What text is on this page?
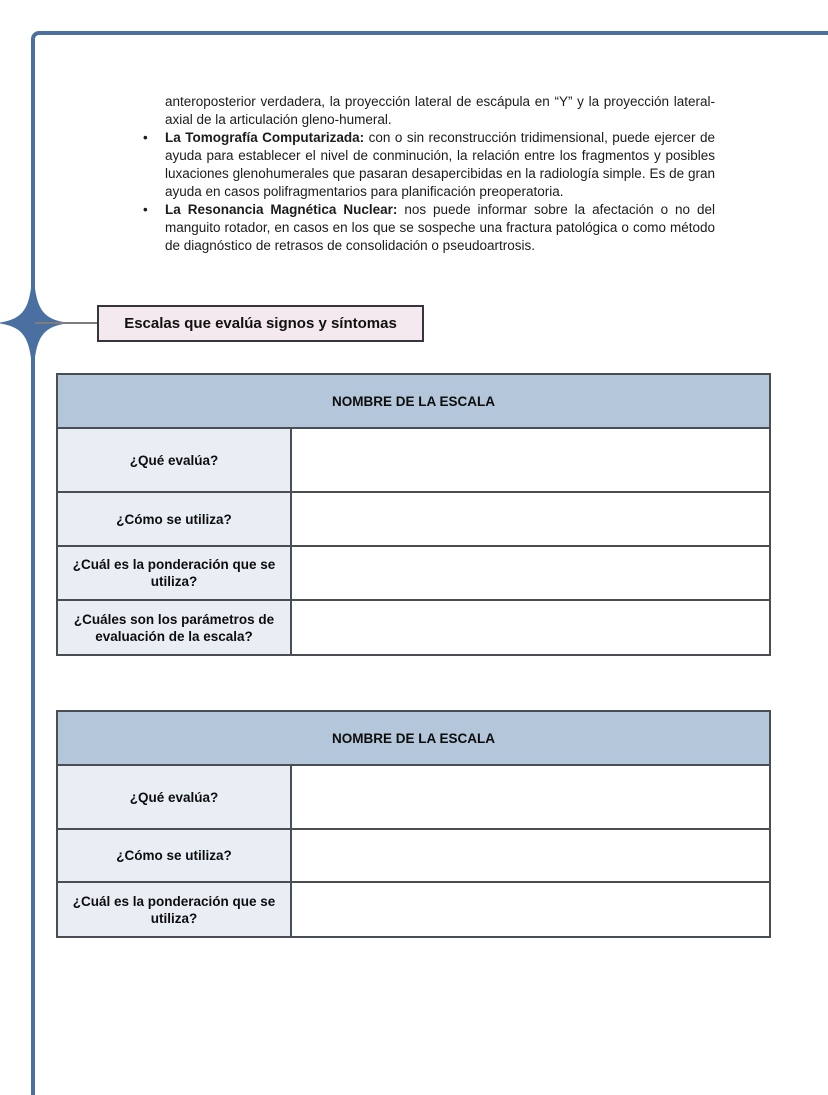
anteroposterior verdadera, la proyección lateral de escápula en “Y” y la proyección lateral-axial de la articulación gleno-humeral.

• La Tomografía Computarizada: con o sin reconstrucción tridimensional, puede ejercer de ayuda para establecer el nivel de conminución, la relación entre los fragmentos y posibles luxaciones glenohumerales que pasaran desapercibidas en la radiología simple. Es de gran ayuda en casos polifragmentarios para planificación preoperatoria.
• La Resonancia Magnética Nuclear: nos puede informar sobre la afectación o no del manguito rotador, en casos en los que se sospeche una fractura patológica o como método de diagnóstico de retrasos de consolidación o pseudoartrosis.
Escalas que evalúa signos y síntomas
NOMBRE DE LA ESCALA	
¿Qué evalúa?	
¿Cómo se utiliza?	
¿Cuál es la ponderación que se utiliza?	
¿Cuáles son los parámetros de evaluación de la escala?	
NOMBRE DE LA ESCALA	
¿Qué evalúa?	
¿Cómo se utiliza?	
¿Cuál es la ponderación que se utiliza?	
